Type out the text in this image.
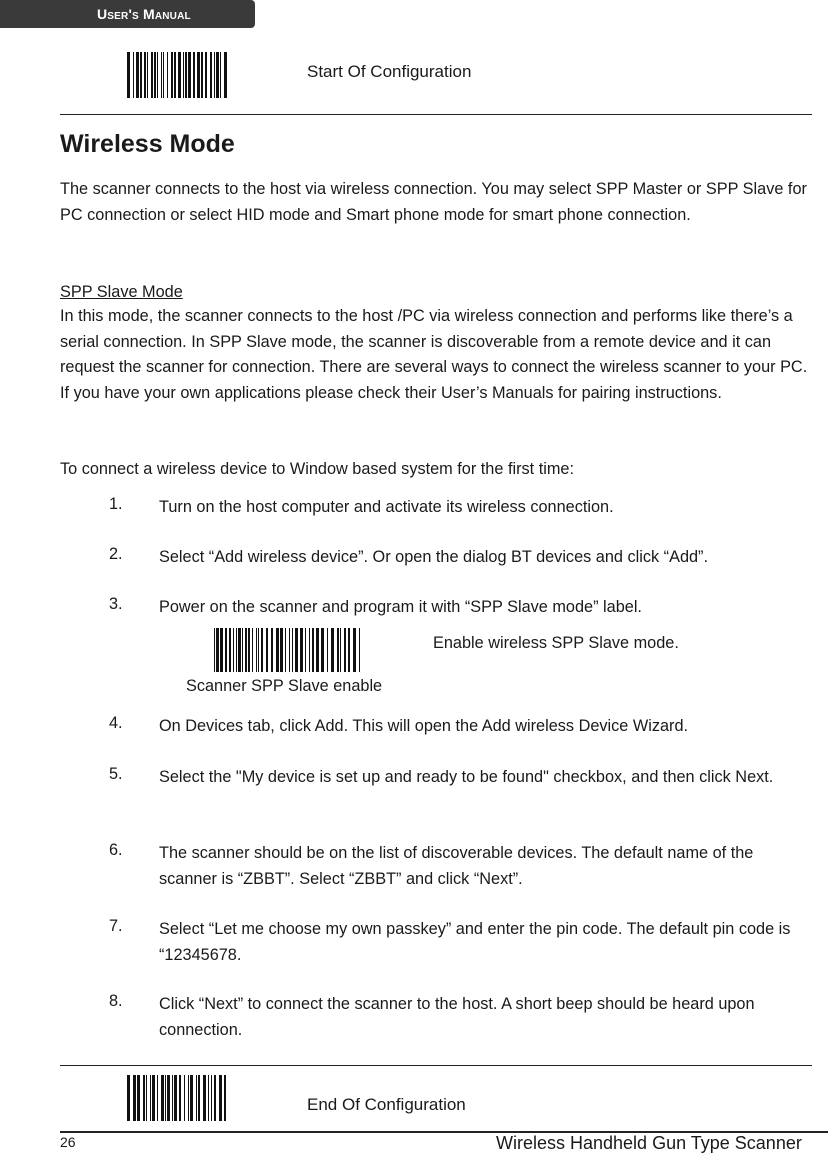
User's Manual
Start Of Configuration
Wireless Mode
The scanner connects to the host via wireless connection. You may select SPP Master or SPP Slave for PC connection or select HID mode and Smart phone mode for smart phone connection.
SPP Slave Mode
In this mode, the scanner connects to the host /PC via wireless connection and performs like there’s a serial connection. In SPP Slave mode, the scanner is discoverable from a remote device and it can request the scanner for connection. There are several ways to connect the wireless scanner to your PC. If you have your own applications please check their User’s Manuals for pairing instructions.
To connect a wireless device to Window based system for the first time:
1. Turn on the host computer and activate its wireless connection.
2. Select “Add wireless device”. Or open the dialog BT devices and click “Add”.
3. Power on the scanner and program it with “SPP Slave mode” label.
Scanner SPP Slave enable
Enable wireless SPP Slave mode.
4. On Devices tab, click Add. This will open the Add wireless Device Wizard.
5. Select the "My device is set up and ready to be found" checkbox, and then click Next.
6. The scanner should be on the list of discoverable devices. The default name of the scanner is “ZBBT”. Select “ZBBT” and click “Next”.
7. Select “Let me choose my own passkey” and enter the pin code. The default pin code is “12345678.
8. Click “Next” to connect the scanner to the host. A short beep should be heard upon connection.
End Of Configuration
26	Wireless Handheld Gun Type Scanner
